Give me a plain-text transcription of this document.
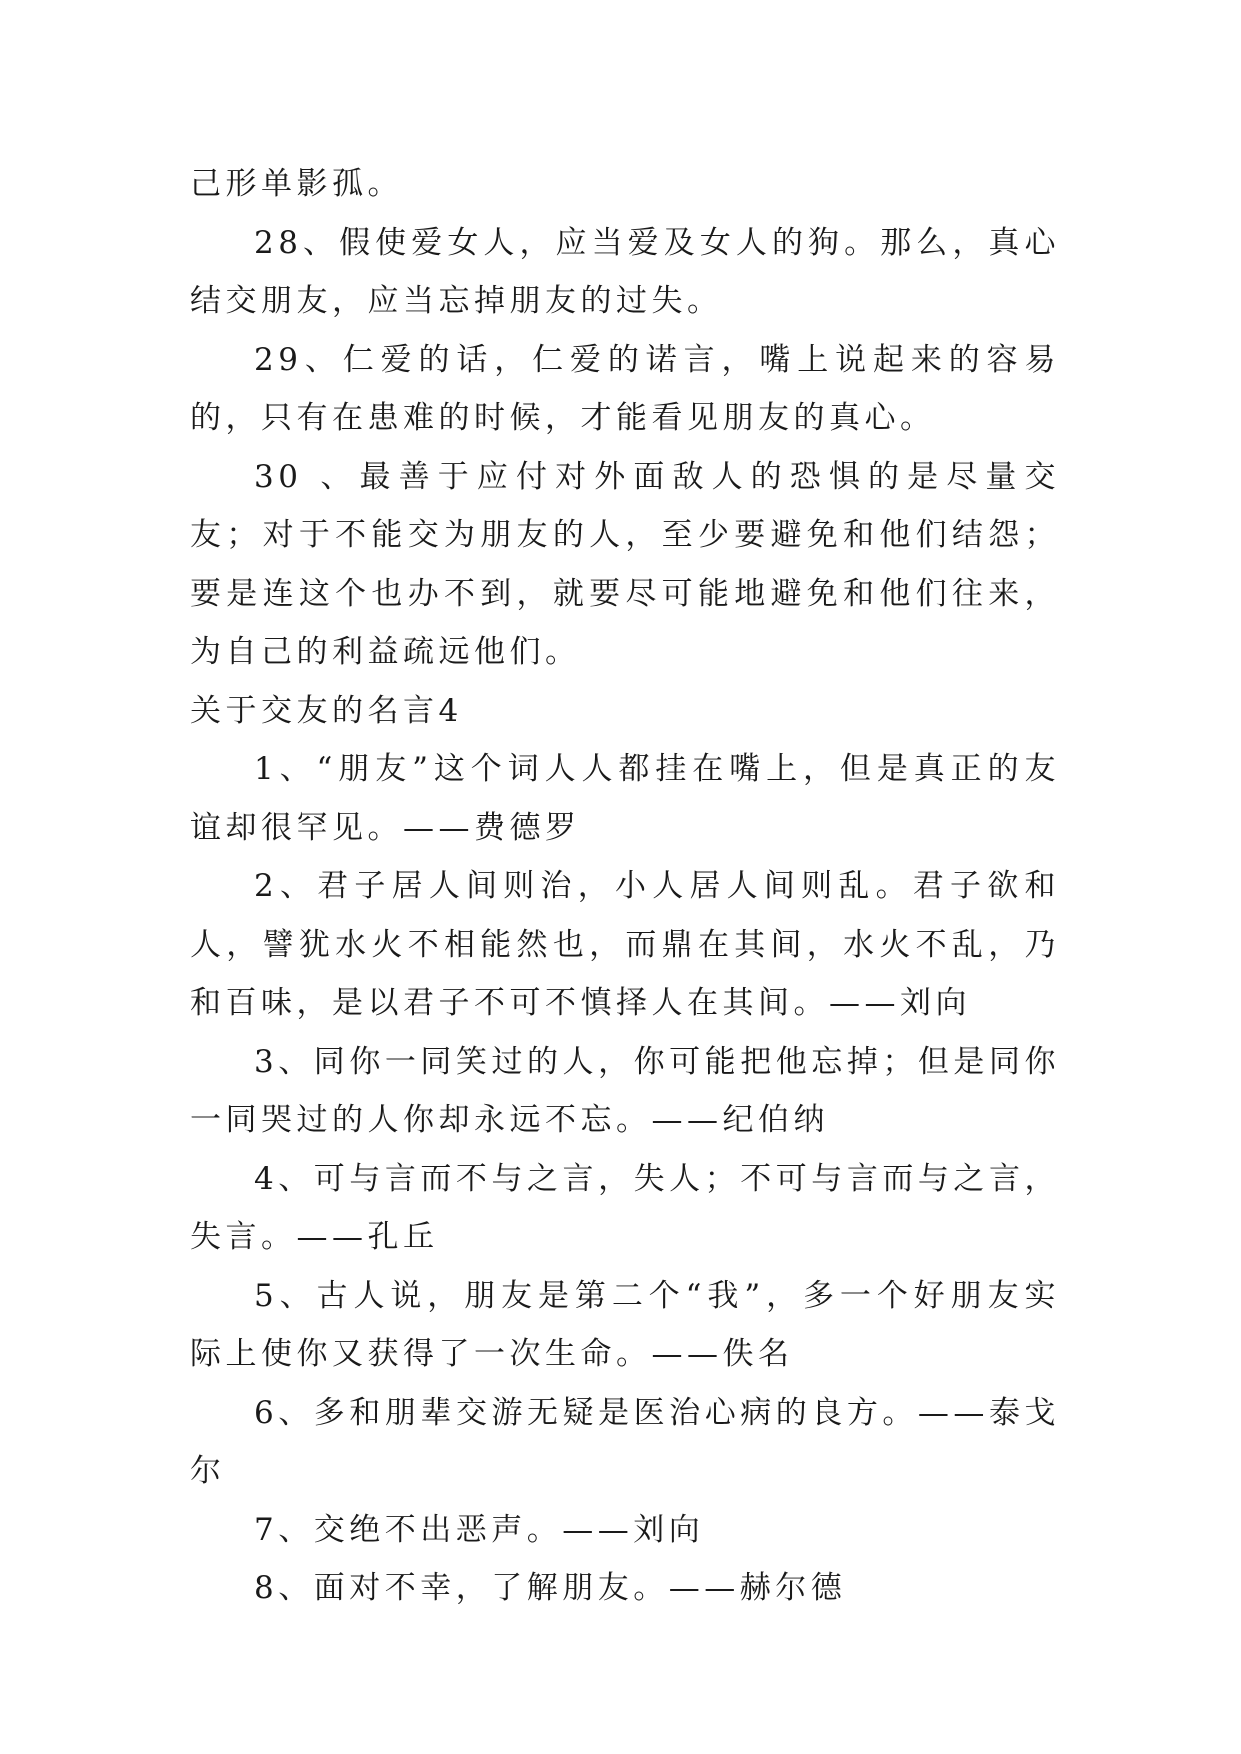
己形单影孤。

28、假使爱女人，应当爱及女人的狗。那么，真心结交朋友，应当忘掉朋友的过失。

29、仁爱的话，仁爱的诺言，嘴上说起来的容易的，只有在患难的时候，才能看见朋友的真心。

30 、最善于应付对外面敌人的恐惧的是尽量交友；对于不能交为朋友的人，至少要避免和他们结怨；要是连这个也办不到，就要尽可能地避免和他们往来，为自己的利益疏远他们。

关于交友的名言4

1、“朋友”这个词人人都挂在嘴上，但是真正的友谊却很罕见。——费德罗

2、君子居人间则治，小人居人间则乱。君子欲和人，譬犹水火不相能然也，而鼎在其间，水火不乱，乃和百味，是以君子不可不慎择人在其间。——刘向

3、同你一同笑过的人，你可能把他忘掉；但是同你一同哭过的人你却永远不忘。——纪伯纳

4、可与言而不与之言，失人；不可与言而与之言，失言。——孔丘

5、古人说，朋友是第二个“我”，多一个好朋友实际上使你又获得了一次生命。——佚名

6、多和朋辈交游无疑是医治心病的良方。——泰戈尔

7、交绝不出恶声。——刘向

8、面对不幸，了解朋友。——赫尔德
